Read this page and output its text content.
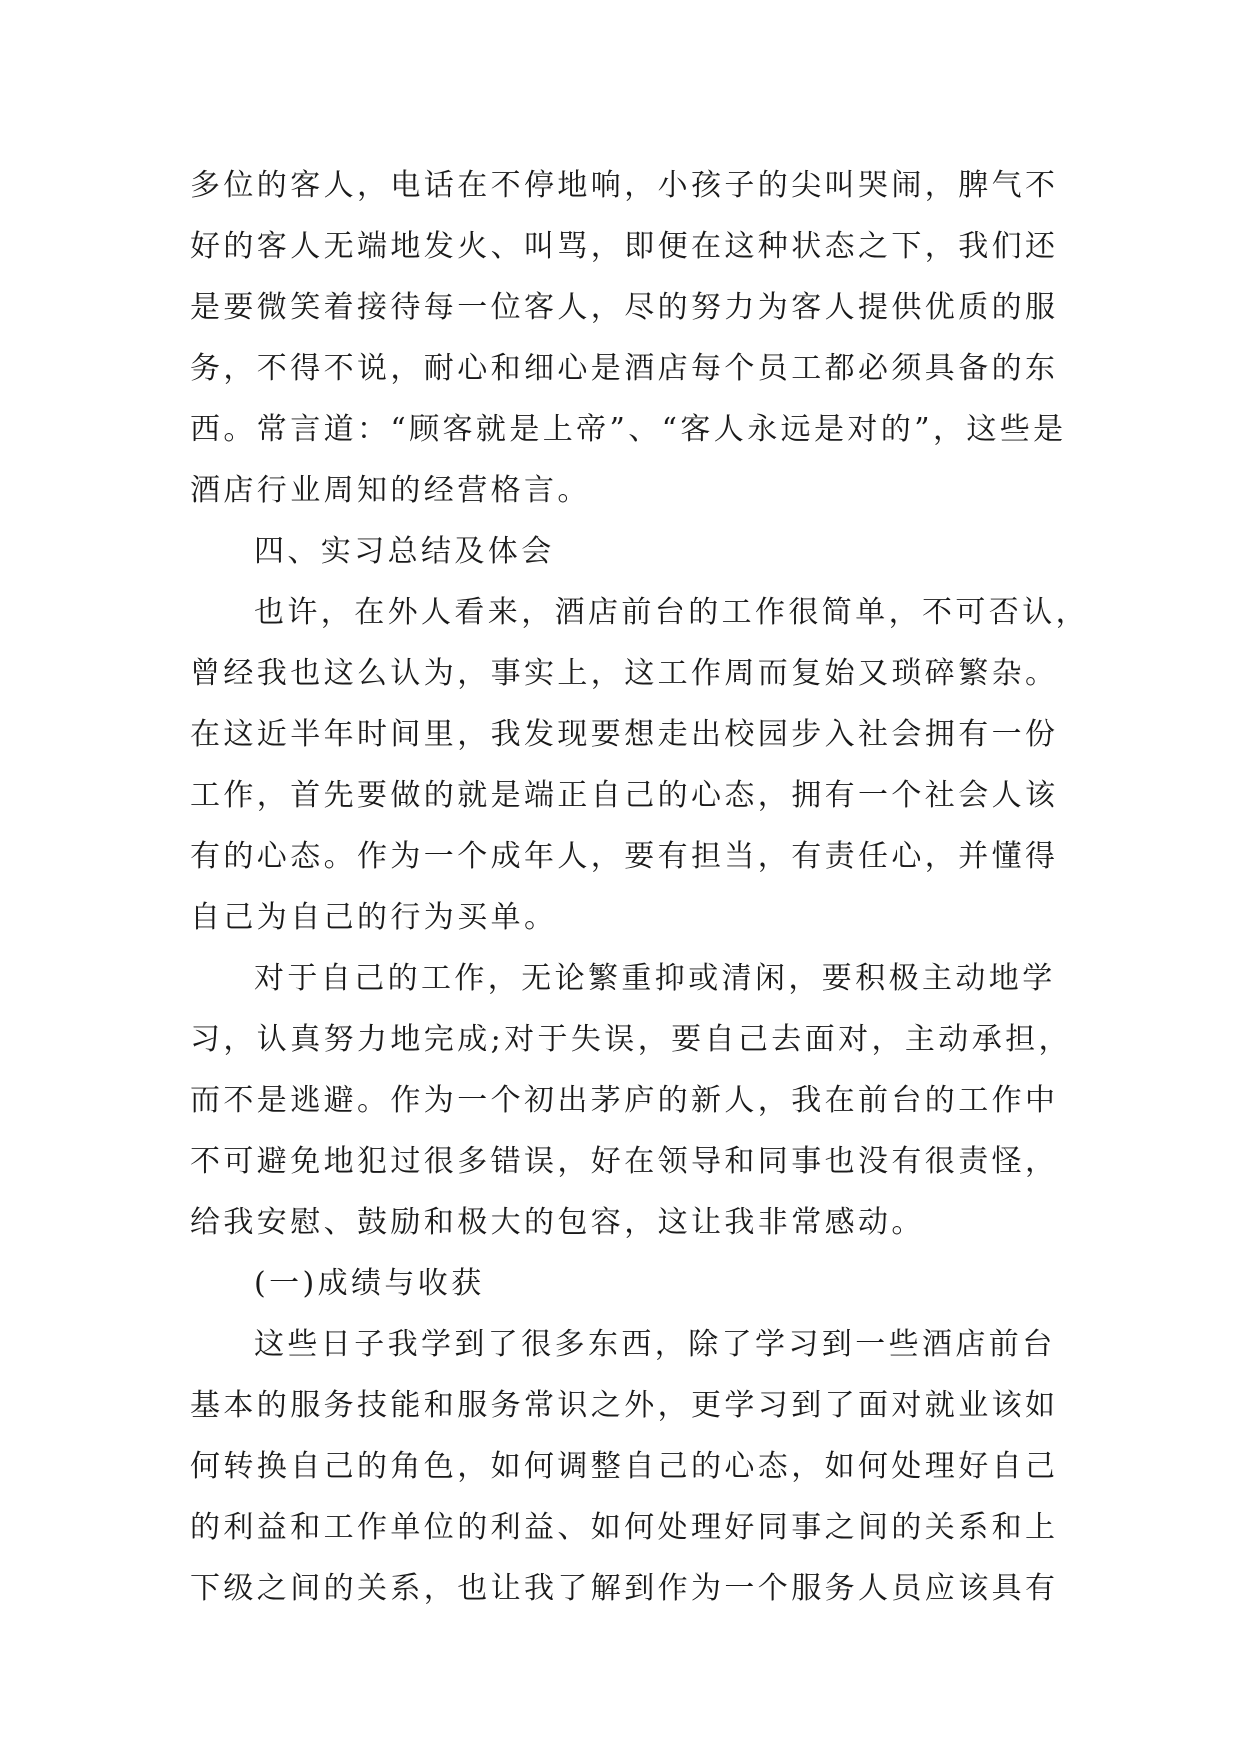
多位的客人，电话在不停地响，小孩子的尖叫哭闹，脾气不
好的客人无端地发火、叫骂，即便在这种状态之下，我们还
是要微笑着接待每一位客人，尽的努力为客人提供优质的服
务，不得不说，耐心和细心是酒店每个员工都必须具备的东
西。常言道：“顾客就是上帝”、“客人永远是对的”，这些是
酒店行业周知的经营格言。
四、实习总结及体会
也许，在外人看来，酒店前台的工作很简单，不可否认，
曾经我也这么认为，事实上，这工作周而复始又琐碎繁杂。
在这近半年时间里，我发现要想走出校园步入社会拥有一份
工作，首先要做的就是端正自己的心态，拥有一个社会人该
有的心态。作为一个成年人，要有担当，有责任心，并懂得
自己为自己的行为买单。
对于自己的工作，无论繁重抑或清闲，要积极主动地学
习，认真努力地完成;对于失误，要自己去面对，主动承担，
而不是逃避。作为一个初出茅庐的新人，我在前台的工作中
不可避免地犯过很多错误，好在领导和同事也没有很责怪，
给我安慰、鼓励和极大的包容，这让我非常感动。
(一)成绩与收获
这些日子我学到了很多东西，除了学习到一些酒店前台
基本的服务技能和服务常识之外，更学习到了面对就业该如
何转换自己的角色，如何调整自己的心态，如何处理好自己
的利益和工作单位的利益、如何处理好同事之间的关系和上
下级之间的关系，也让我了解到作为一个服务人员应该具有
